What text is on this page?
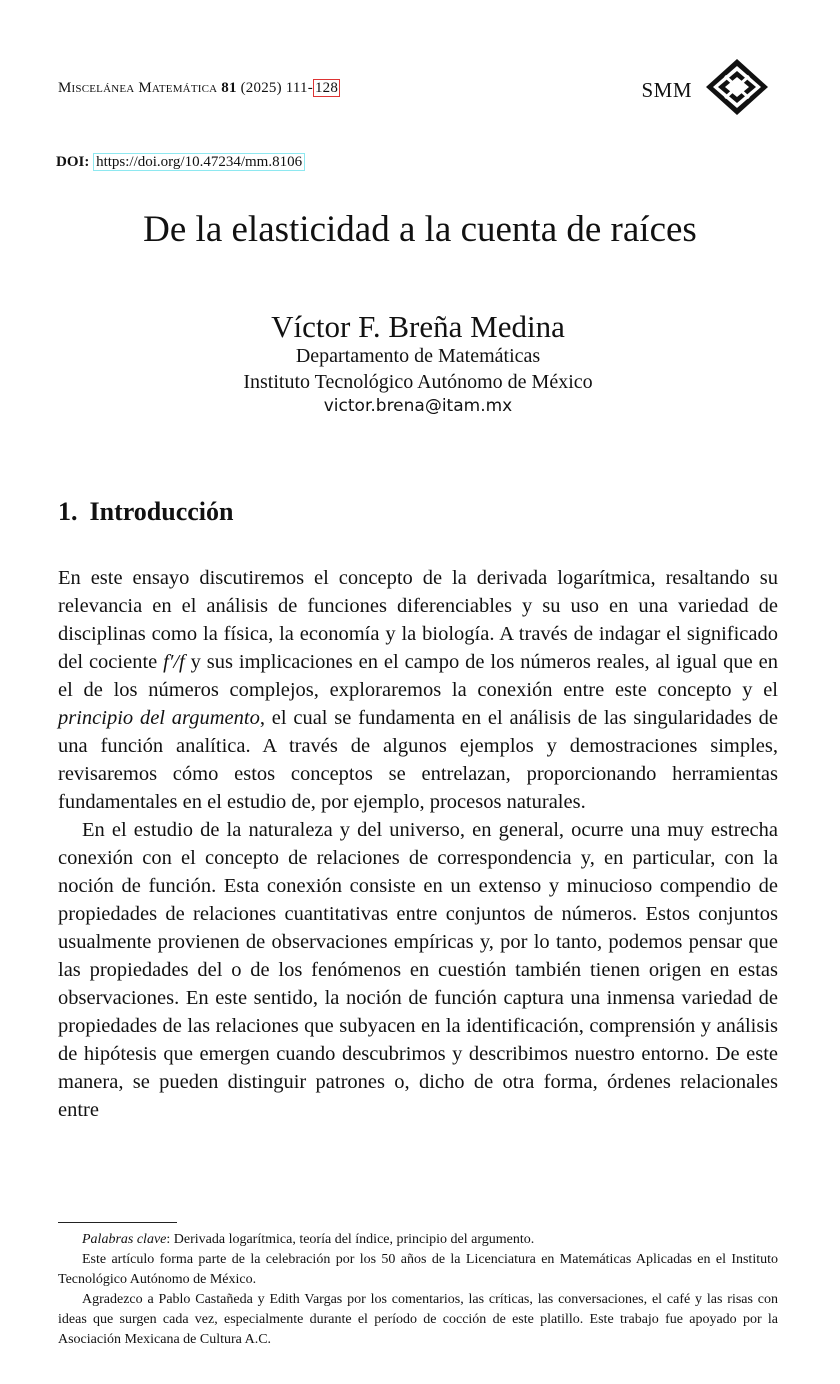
Miscelánea Matemática 81 (2025) 111- 128	SMM
DOI: https://doi.org/10.47234/mm.8106
De la elasticidad a la cuenta de raíces
Víctor F. Breña Medina
Departamento de Matemáticas
Instituto Tecnológico Autónomo de México
victor.brena@itam.mx
1. Introducción

En este ensayo discutiremos el concepto de la derivada logarítmica, resaltando su relevancia en el análisis de funciones diferenciables y su uso en una variedad de disciplinas como la física, la economía y la biología. A través de indagar el significado del cociente f′/f y sus implicaciones en el campo de los números reales, al igual que en el de los números complejos, exploraremos la conexión entre este concepto y el principio del argumento, el cual se fundamenta en el análisis de las singularidades de una función analítica. A través de algunos ejemplos y demostraciones simples, revisaremos cómo estos conceptos se entrelazan, proporcionando herramientas fundamentales en el estudio de, por ejemplo, procesos naturales.

En el estudio de la naturaleza y del universo, en general, ocurre una muy estrecha conexión con el concepto de relaciones de correspondencia y, en particular, con la noción de función. Esta conexión consiste en un extenso y minucioso compendio de propiedades de relaciones cuantitativas entre conjuntos de números. Estos conjuntos usualmente provienen de observaciones empíricas y, por lo tanto, podemos pensar que las propiedades del o de los fenómenos en cuestión también tienen origen en estas observaciones. En este sentido, la noción de función captura una inmensa variedad de propiedades de las relaciones que subyacen en la identificación, comprensión y análisis de hipótesis que emergen cuando descubrimos y describimos nuestro entorno. De este manera, se pueden distinguir patrones o, dicho de otra forma, órdenes relacionales entre

Palabras clave: Derivada logarítmica, teoría del índice, principio del argumento.

Este artículo forma parte de la celebración por los 50 años de la Licenciatura en Matemáticas Aplicadas en el Instituto Tecnológico Autónomo de México.

Agradezco a Pablo Castañeda y Edith Vargas por los comentarios, las críticas, las conversaciones, el café y las risas con ideas que surgen cada vez, especialmente durante el período de cocción de este platillo. Este trabajo fue apoyado por la Asociación Mexicana de Cultura A.C.
